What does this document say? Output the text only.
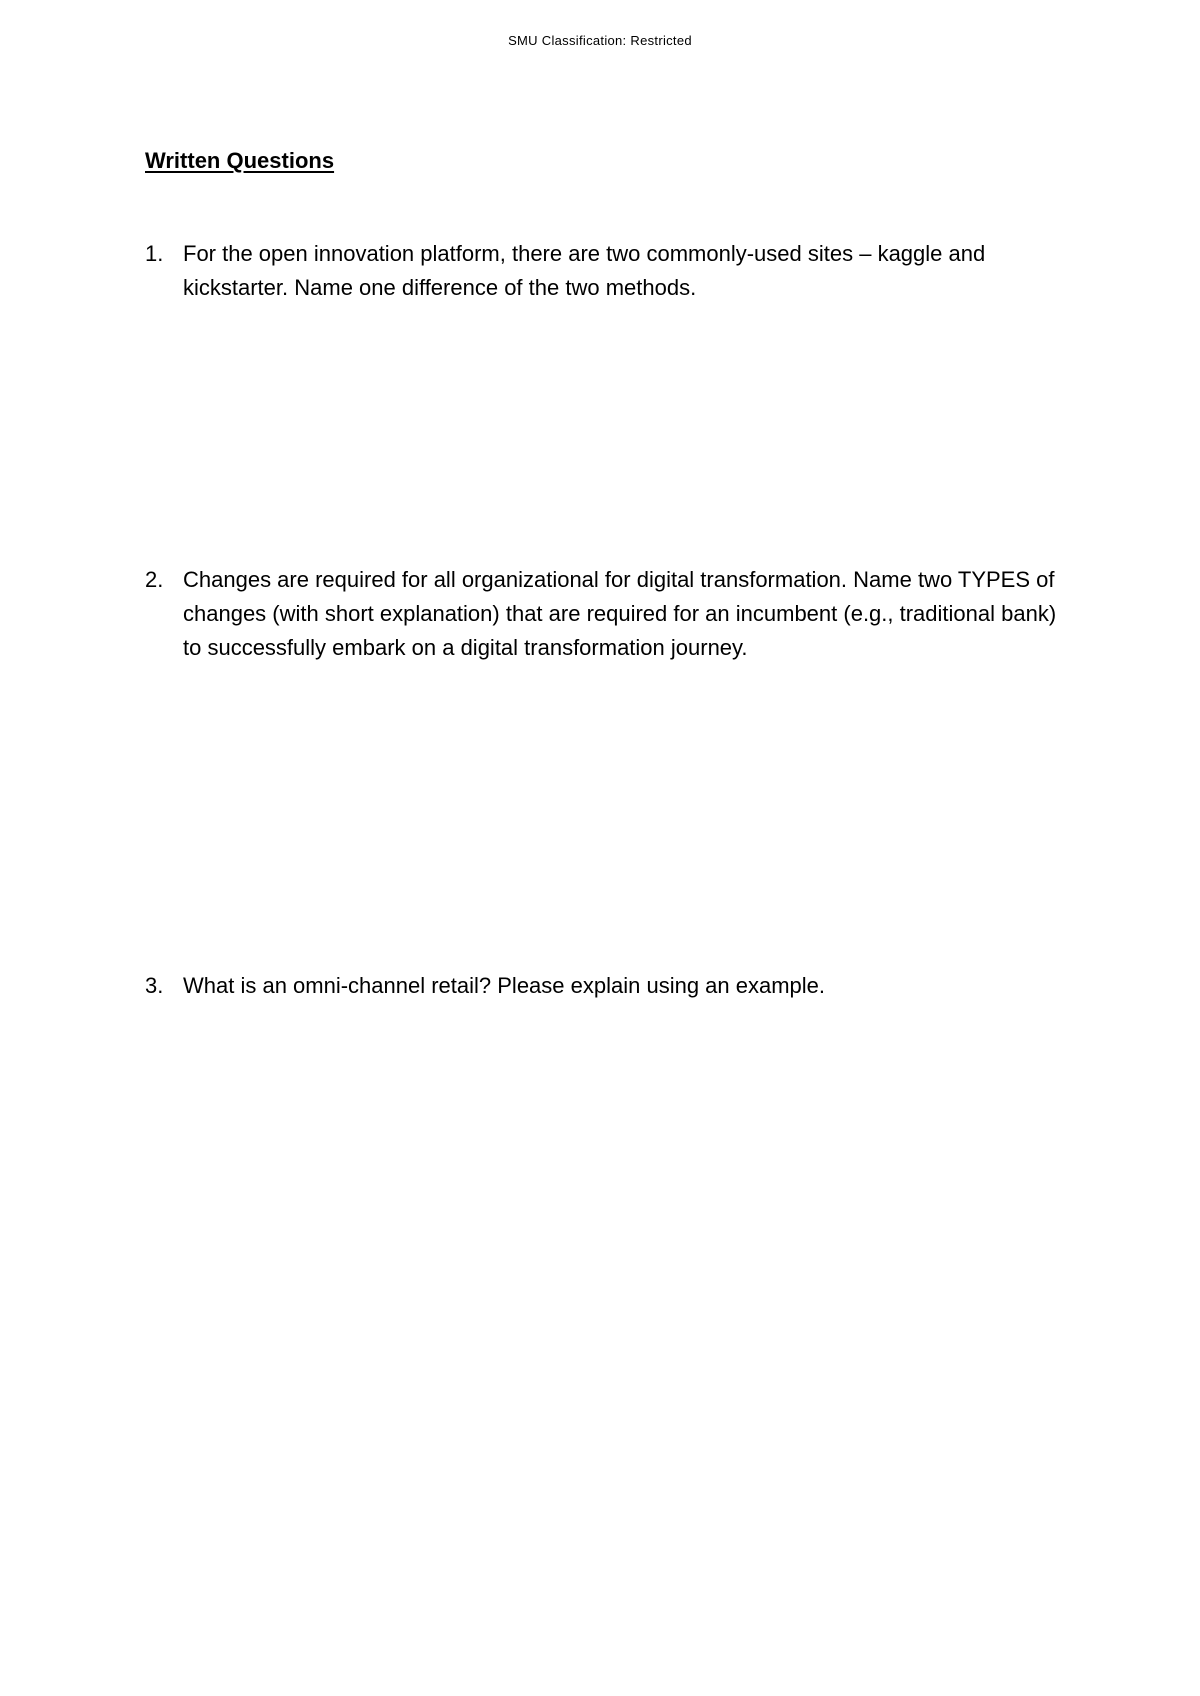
SMU Classification: Restricted
Written Questions
1. For the open innovation platform, there are two commonly-used sites – kaggle and kickstarter. Name one difference of the two methods.

2. Changes are required for all organizational for digital transformation. Name two TYPES of changes (with short explanation) that are required for an incumbent (e.g., traditional bank) to successfully embark on a digital transformation journey.

3. What is an omni-channel retail? Please explain using an example.
